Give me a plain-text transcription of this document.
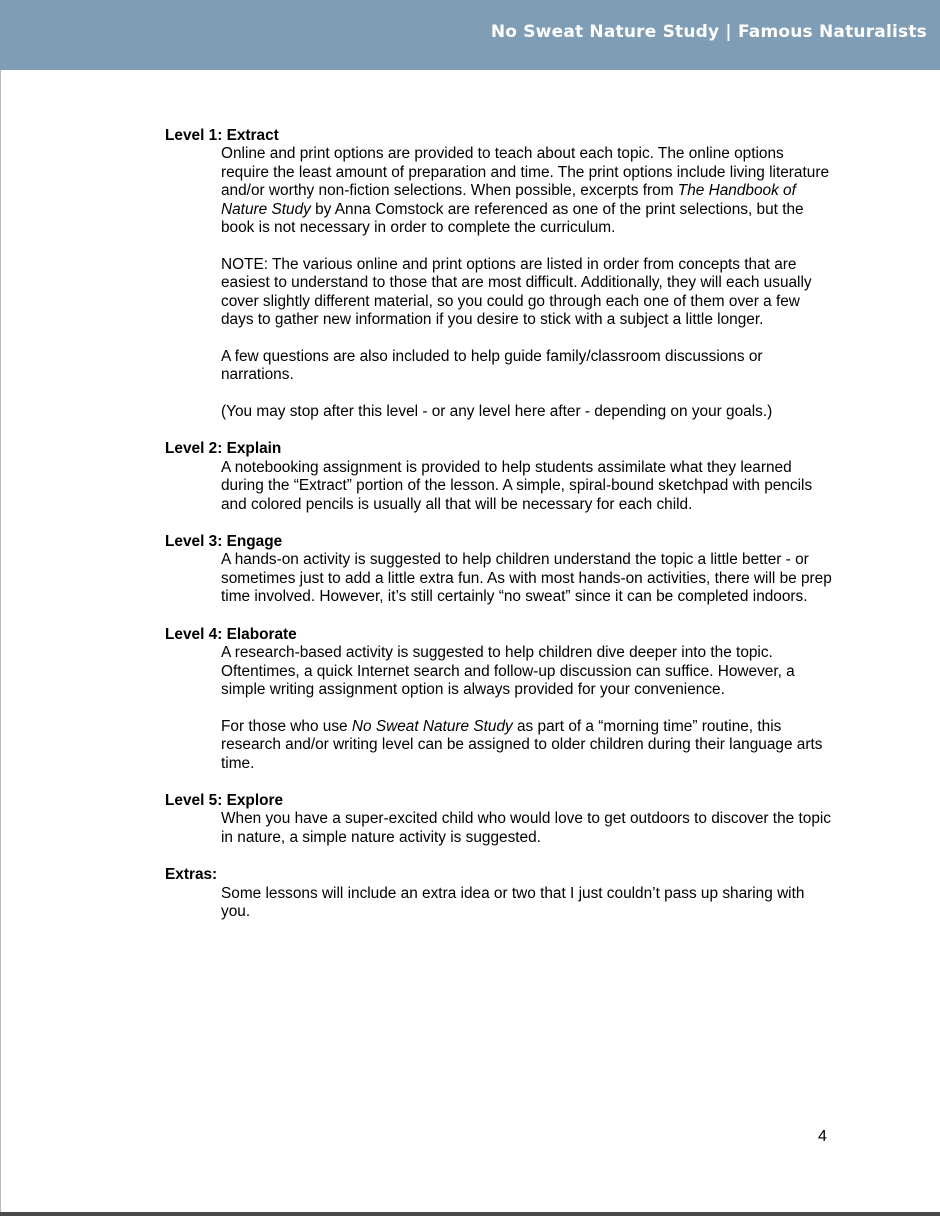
No Sweat Nature Study | Famous Naturalists

Level 1: Extract

Online and print options are provided to teach about each topic. The online options require the least amount of preparation and time. The print options include living literature and/or worthy non-fiction selections. When possible, excerpts from The Handbook of Nature Study by Anna Comstock are referenced as one of the print selections, but the book is not necessary in order to complete the curriculum.

NOTE: The various online and print options are listed in order from concepts that are easiest to understand to those that are most difficult. Additionally, they will each usually cover slightly different material, so you could go through each one of them over a few days to gather new information if you desire to stick with a subject a little longer.

A few questions are also included to help guide family/classroom discussions or narrations.

(You may stop after this level - or any level here after - depending on your goals.)

Level 2: Explain

A notebooking assignment is provided to help students assimilate what they learned during the “Extract” portion of the lesson. A simple, spiral-bound sketchpad with pencils and colored pencils is usually all that will be necessary for each child.

Level 3: Engage

A hands-on activity is suggested to help children understand the topic a little better - or sometimes just to add a little extra fun. As with most hands-on activities, there will be prep time involved. However, it’s still certainly “no sweat” since it can be completed indoors.

Level 4: Elaborate

A research-based activity is suggested to help children dive deeper into the topic. Oftentimes, a quick Internet search and follow-up discussion can suffice. However, a simple writing assignment option is always provided for your convenience.

For those who use No Sweat Nature Study as part of a “morning time” routine, this research and/or writing level can be assigned to older children during their language arts time.

Level 5: Explore

When you have a super-excited child who would love to get outdoors to discover the topic in nature, a simple nature activity is suggested.

Extras:

Some lessons will include an extra idea or two that I just couldn’t pass up sharing with you.

4
